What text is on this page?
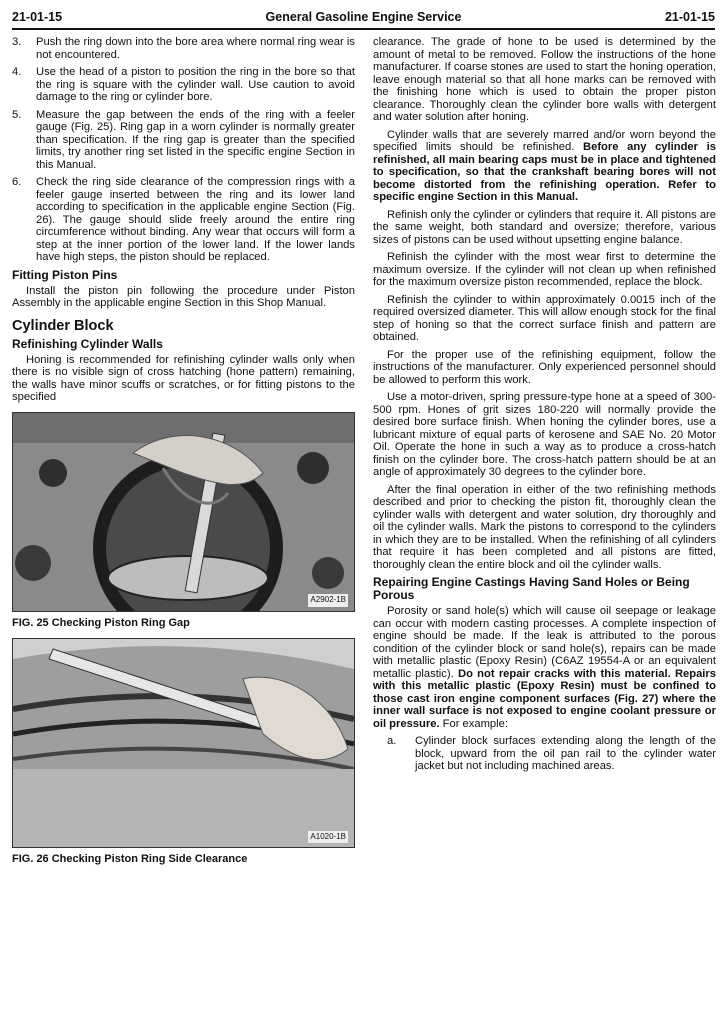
21-01-15	General Gasoline Engine Service	21-01-15
3.	Push the ring down into the bore area where normal ring wear is not encountered.
4.	Use the head of a piston to position the ring in the bore so that the ring is square with the cylinder wall. Use caution to avoid damage to the ring or cylinder bore.
5.	Measure the gap between the ends of the ring with a feeler gauge (Fig. 25). Ring gap in a worn cylinder is normally greater than specification. If the ring gap is greater than the specified limits, try another ring set listed in the specific engine Section in this Manual.
6.	Check the ring side clearance of the compression rings with a feeler gauge inserted between the ring and its lower land according to specification in the applicable engine Section (Fig. 26). The gauge should slide freely around the entire ring circumference without binding. Any wear that occurs will form a step at the inner portion of the lower land. If the lower lands have high steps, the piston should be replaced.
Fitting Piston Pins

Install the piston pin following the procedure under Piston Assembly in the applicable engine Section in this Shop Manual.

Cylinder Block
Refinishing Cylinder Walls

Honing is recommended for refinishing cylinder walls only when there is no visible sign of cross hatching (hone pattern) remaining, the walls have minor scuffs or scratches, or for fitting pistons to the specified

A2902-1B
FIG. 25 Checking Piston Ring Gap
A1020-1B
FIG. 26 Checking Piston Ring Side Clearance

clearance. The grade of hone to be used is determined by the amount of metal to be removed. Follow the instructions of the hone manufacturer. If coarse stones are used to start the honing operation, leave enough material so that all hone marks can be removed with the finishing hone which is used to obtain the proper piston clearance. Thoroughly clean the cylinder bore walls with detergent and water solution after honing.

Cylinder walls that are severely marred and/or worn beyond the specified limits should be refinished. Before any cylinder is refinished, all main bearing caps must be in place and tightened to specification, so that the crankshaft bearing bores will not become distorted from the refinishing operation. Refer to specific engine Section in this Manual.

Refinish only the cylinder or cylinders that require it. All pistons are the same weight, both standard and oversize; therefore, various sizes of pistons can be used without upsetting engine balance.

Refinish the cylinder with the most wear first to determine the maximum oversize. If the cylinder will not clean up when refinished for the maximum oversize piston recommended, replace the block.

Refinish the cylinder to within approximately 0.0015 inch of the required oversized diameter. This will allow enough stock for the final step of honing so that the correct surface finish and pattern are obtained.

For the proper use of the refinishing equipment, follow the instructions of the manufacturer. Only experienced personnel should be allowed to perform this work.

Use a motor-driven, spring pressure-type hone at a speed of 300-500 rpm. Hones of grit sizes 180-220 will normally provide the desired bore surface finish. When honing the cylinder bores, use a lubricant mixture of equal parts of kerosene and SAE No. 20 Motor Oil. Operate the hone in such a way as to produce a cross-hatch finish on the cylinder bore. The cross-hatch pattern should be at an angle of approximately 30 degrees to the cylinder bore.

After the final operation in either of the two refinishing methods described and prior to checking the piston fit, thoroughly clean the cylinder walls with detergent and water solution, dry thoroughly and oil the cylinder walls. Mark the pistons to correspond to the cylinders in which they are to be installed. When the refinishing of all cylinders that require it has been completed and all pistons are fitted, thoroughly clean the entire block and oil the cylinder walls.

Repairing Engine Castings Having Sand Holes or Being Porous

Porosity or sand hole(s) which will cause oil seepage or leakage can occur with modern casting processes. A complete inspection of engine should be made. If the leak is attributed to the porous condition of the cylinder block or sand hole(s), repairs can be made with metallic plastic (Epoxy Resin) (C6AZ 19554-A or an equivalent metallic plastic). Do not repair cracks with this material. Repairs with this metallic plastic (Epoxy Resin) must be confined to those cast iron engine component surfaces (Fig. 27) where the inner wall surface is not exposed to engine coolant pressure or oil pressure. For example:

a.	Cylinder block surfaces extending along the length of the block, upward from the oil pan rail to the cylinder water jacket but not including machined areas.
